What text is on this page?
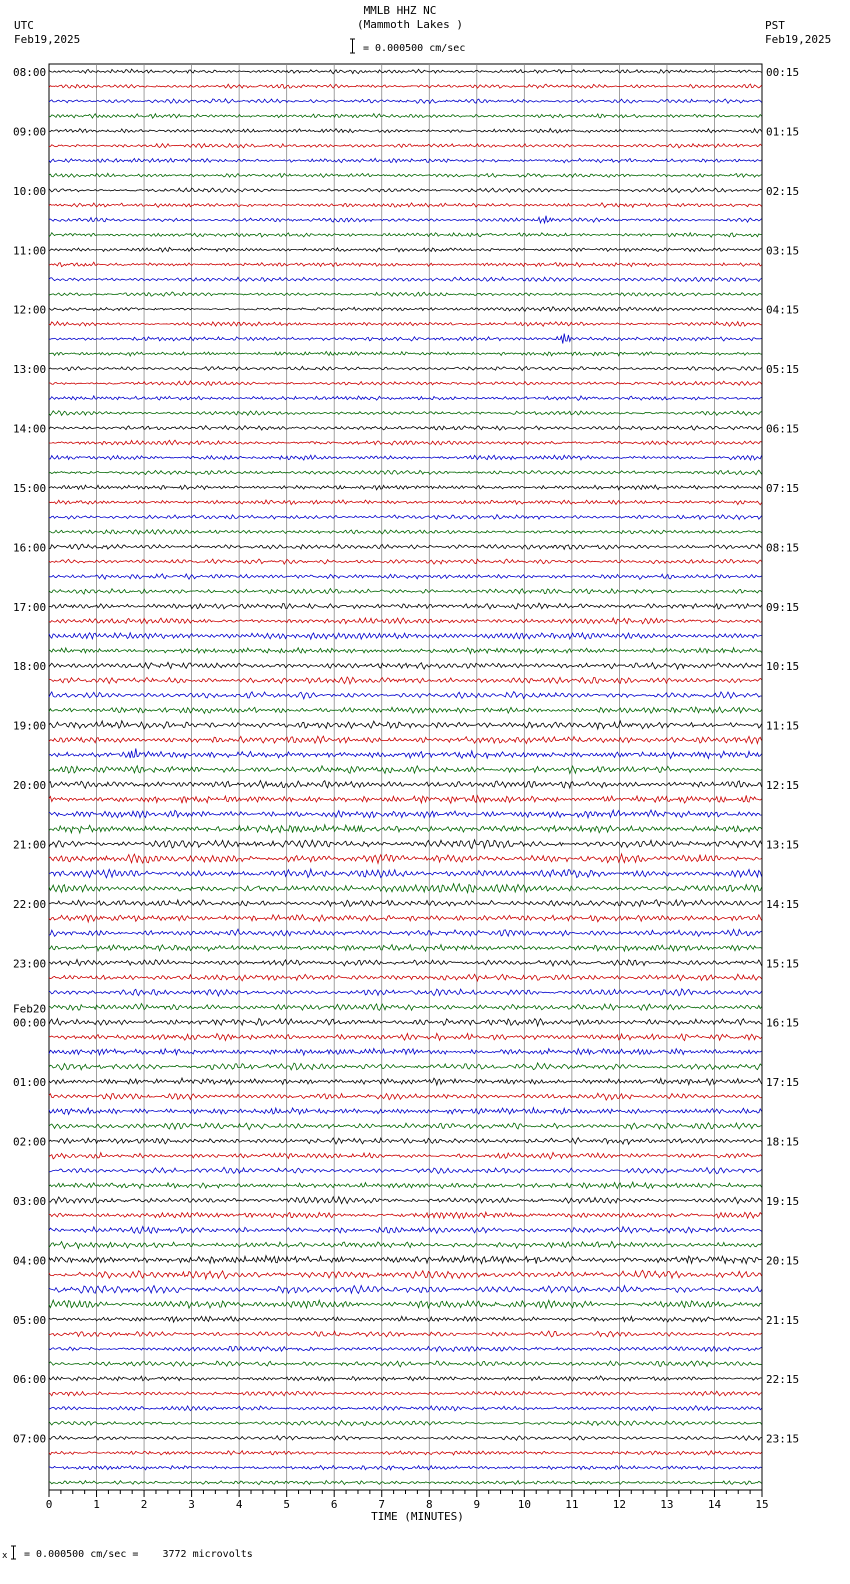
MMLB HHZ NC
(Mammoth Lakes )
= 0.000500 cm/sec
UTC
Feb19,2025
PST
Feb19,2025
x = 0.000500 cm/sec =    3772 microvolts
08:00
09:00
10:00
11:00
12:00
13:00
14:00
15:00
16:00
17:00
18:00
19:00
20:00
21:00
22:00
23:00
00:00
01:00
02:00
03:00
04:00
05:00
06:00
07:00
00:15
01:15
02:15
03:15
04:15
05:15
06:15
07:15
08:15
09:15
10:15
11:15
12:15
13:15
14:15
15:15
16:15
17:15
18:15
19:15
20:15
21:15
22:15
23:15
Feb20
0	1	2	3	4	5	6	7	8	9	10	11	12	13	14	15
TIME (MINUTES)
